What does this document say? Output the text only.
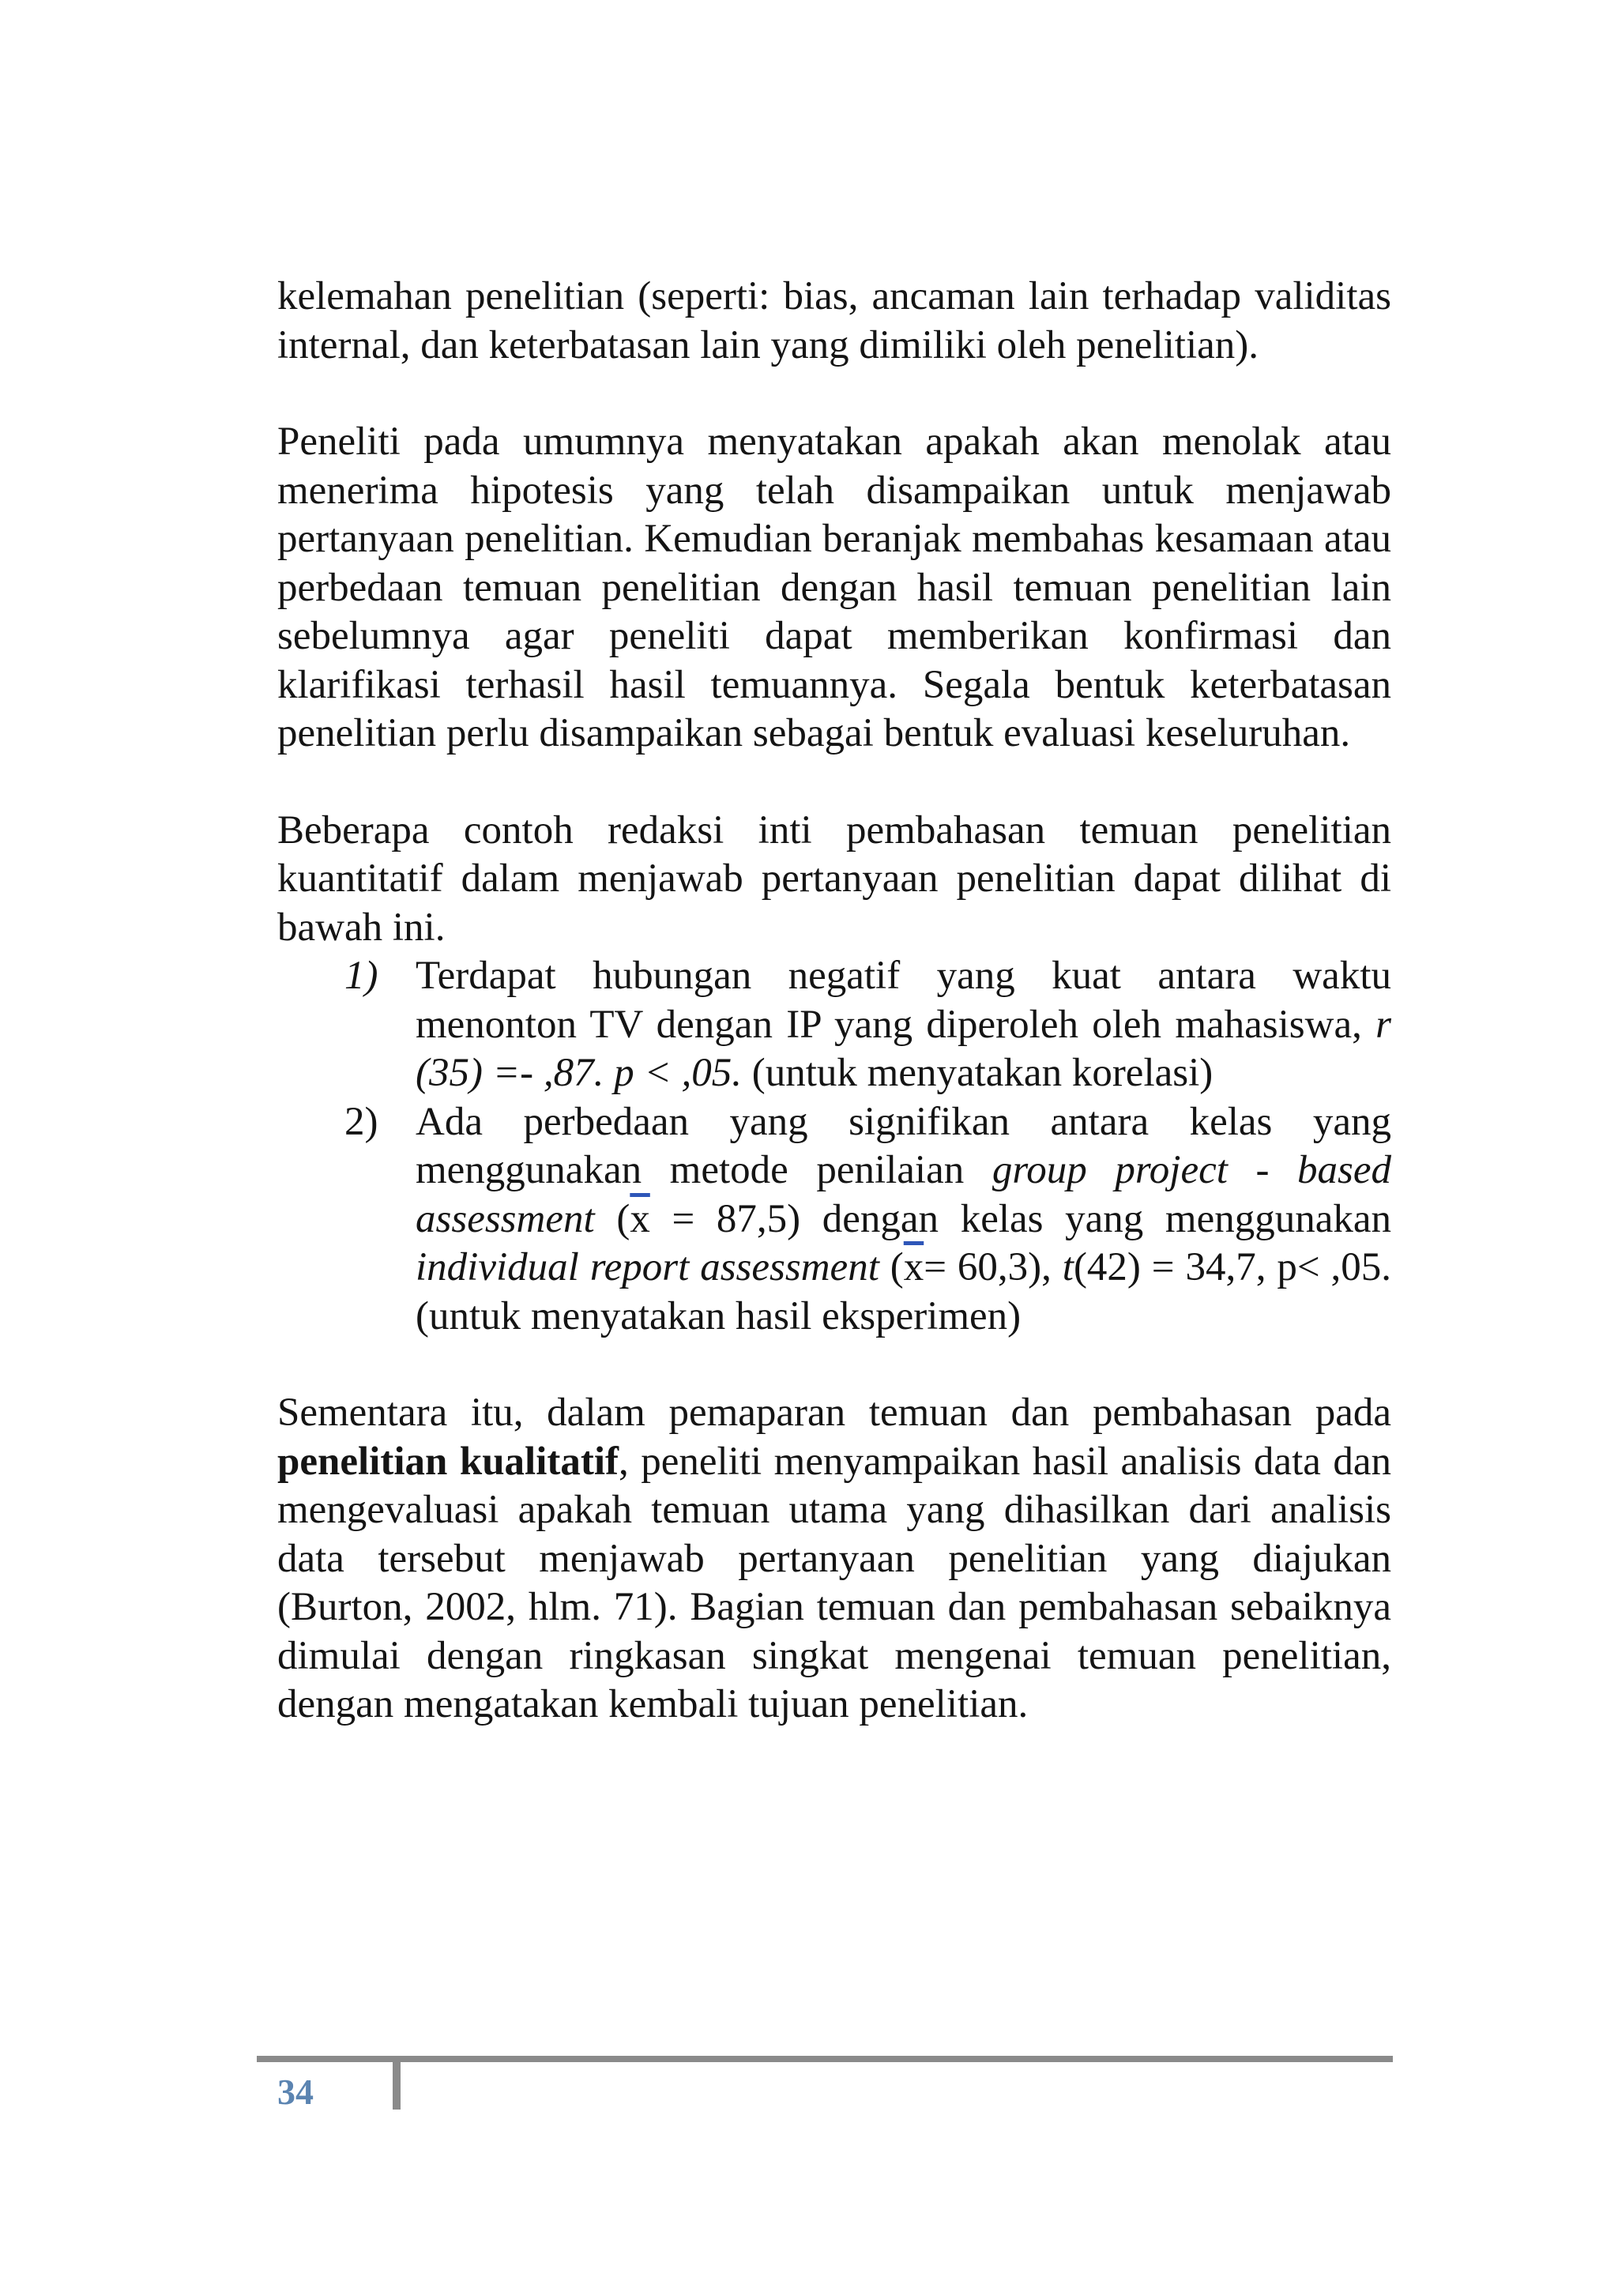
kelemahan penelitian (seperti: bias, ancaman lain terhadap validitas internal, dan keterbatasan lain yang dimiliki oleh penelitian).

Peneliti pada umumnya menyatakan apakah akan menolak atau menerima hipotesis yang telah disampaikan untuk menjawab pertanyaan penelitian. Kemudian beranjak membahas kesamaan atau perbedaan temuan penelitian dengan hasil temuan penelitian lain sebelumnya agar peneliti dapat memberikan konfirmasi dan klarifikasi terhasil hasil temuannya. Segala bentuk keterbatasan penelitian perlu disampaikan sebagai bentuk evaluasi keseluruhan.

Beberapa contoh redaksi inti pembahasan temuan penelitian kuantitatif dalam menjawab pertanyaan penelitian dapat dilihat di bawah ini.

1) Terdapat hubungan negatif yang kuat antara waktu menonton TV dengan IP yang diperoleh oleh mahasiswa, r (35) =- ,87. p < ,05. (untuk menyatakan korelasi)
2) Ada perbedaan yang signifikan antara kelas yang menggunakan metode penilaian group project - based assessment $(\overline{x} = 87,5)$ dengan kelas yang menggunakan individual report assessment $(\overline{x}= 60,3)$, t(42) = 34,7, p< ,05. (untuk menyatakan hasil eksperimen)

Sementara itu, dalam pemaparan temuan dan pembahasan pada penelitian kualitatif, peneliti menyampaikan hasil analisis data dan mengevaluasi apakah temuan utama yang dihasilkan dari analisis data tersebut menjawab pertanyaan penelitian yang diajukan (Burton, 2002, hlm. 71). Bagian temuan dan pembahasan sebaiknya dimulai dengan ringkasan singkat mengenai temuan penelitian, dengan mengatakan kembali tujuan penelitian.

34
